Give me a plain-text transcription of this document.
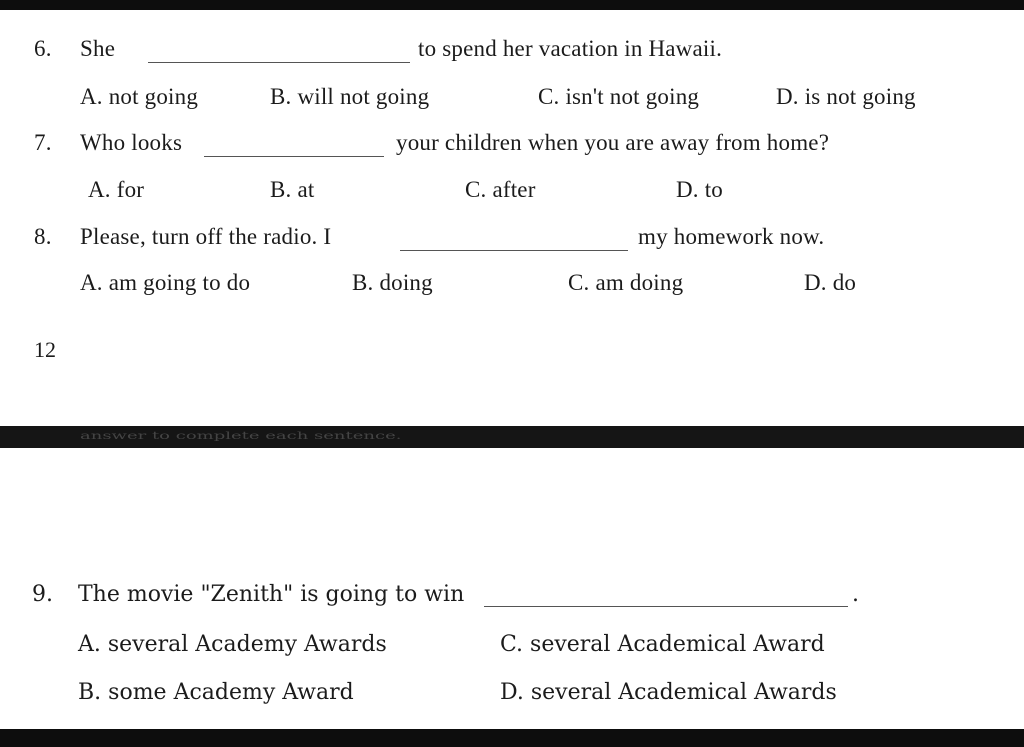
6. She	to spend her vacation in Hawaii.
A. not going	B. will not going	C. isn't not going	D. is not going
7. Who looks	your children when you are away from home?
A. for	B. at	C. after	D. to
8. Please, turn off the radio. I	my homework now.
A. am going to do	B. doing	C. am doing	D. do
12
answer to complete each sentence.
9. The movie "Zenith" is going to win	.
A. several Academy Awards	C. several Academical Award
B. some Academy Award	D. several Academical Awards
